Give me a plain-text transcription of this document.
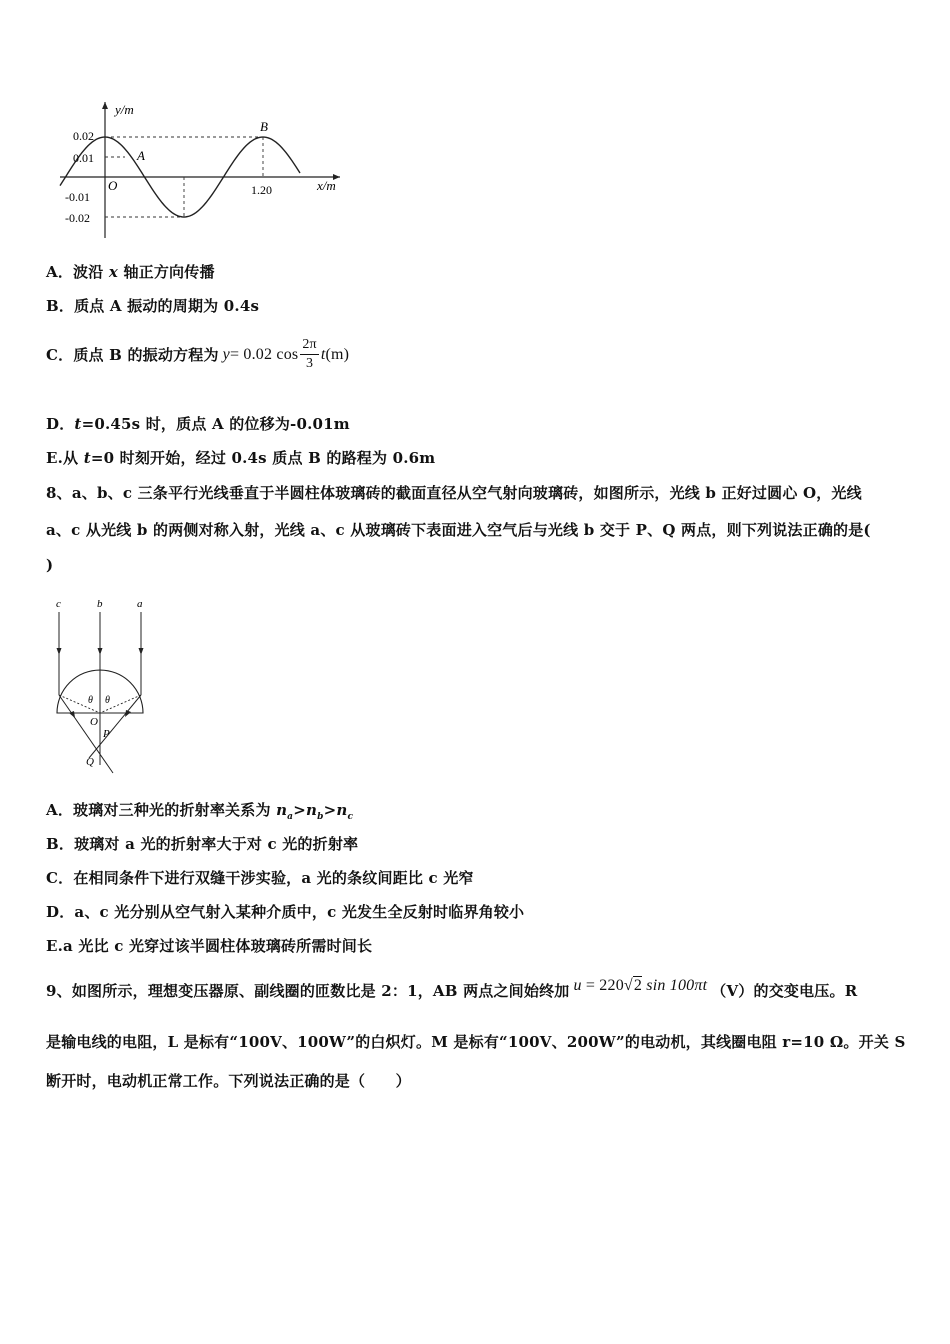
y/m
x/m
0.02
0.01
-0.01
-0.02
1.20
O
A
B
A．波沿 x 轴正方向传播
B．质点 A 振动的周期为 0.4s
C．质点 B 的振动方程为 y = 0.02 $\cos \frac{2\pi}{3}$ t (m)
D．t=0.45s 时，质点 A 的位移为-0.01m
E.从 t=0 时刻开始，经过 0.4s 质点 B 的路程为 0.6m
8、a、b、c 三条平行光线垂直于半圆柱体玻璃砖的截面直径从空气射向玻璃砖，如图所示，光线 b 正好过圆心 O，光线
a、c 从光线 b 的两侧对称入射，光线 a、c 从玻璃砖下表面进入空气后与光线 b 交于 P、Q 两点，则下列说法正确的是(
)
c	b	a
θ θ
O
P
Q
A．玻璃对三种光的折射率关系为 $n_a>n_b>n_c$
B．玻璃对 a 光的折射率大于对 c 光的折射率
C．在相同条件下进行双缝干涉实验，a 光的条纹间距比 c 光窄
D．a、c 光分别从空气射入某种介质中，c 光发生全反射时临界角较小
E.a 光比 c 光穿过该半圆柱体玻璃砖所需时间长
9、如图所示，理想变压器原、副线圈的匝数比是 2：1，AB 两点之间始终加 u = 220√2 sin 100πt （V）的交变电压。R
是输电线的电阻，L 是标有“100V、100W”的白炽灯。M 是标有“100V、200W”的电动机，其线圈电阻 r=10 Ω。开关 S
断开时，电动机正常工作。下列说法正确的是（　　）
